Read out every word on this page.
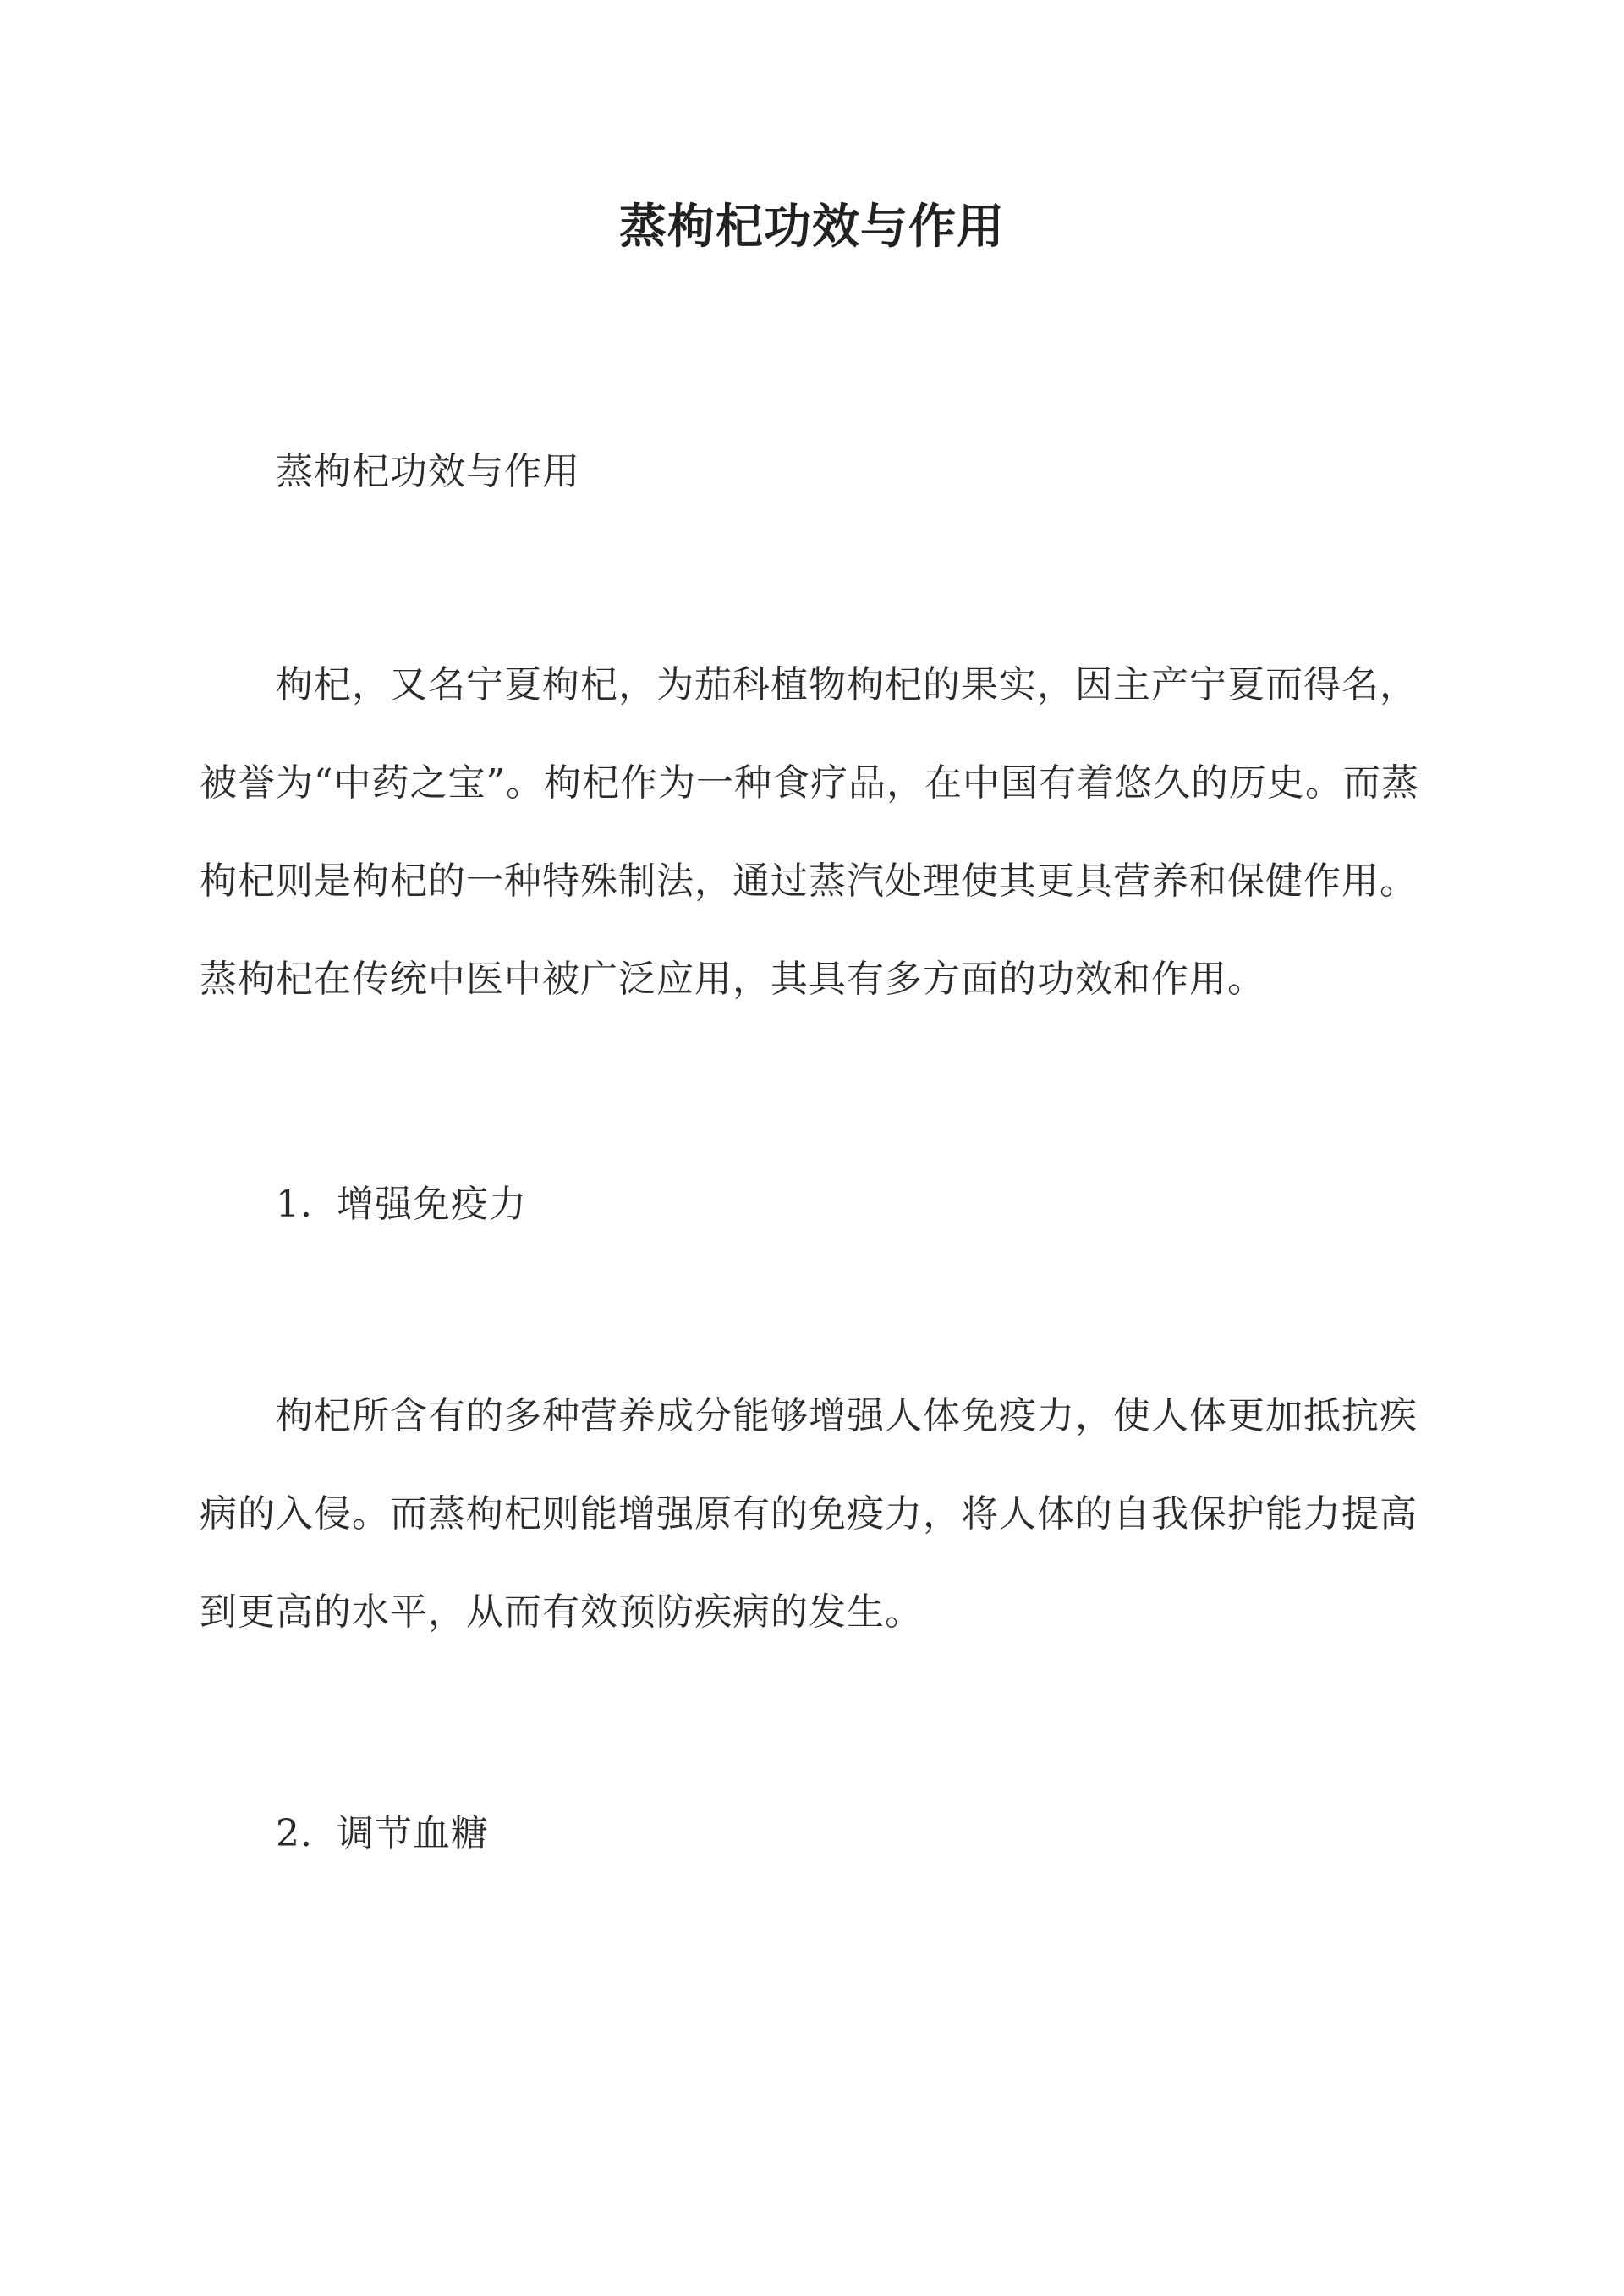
蒸枸杞功效与作用
蒸枸杞功效与作用
枸杞，又名宁夏枸杞，为茄科植物枸杞的果实，因主产宁夏而得名，被誉为“中药之宝”。枸杞作为一种食疗品，在中国有着悠久的历史。而蒸枸杞则是枸杞的一种特殊制法，通过蒸汽处理使其更具营养和保健作用。蒸枸杞在传统中医中被广泛应用，其具有多方面的功效和作用。
1. 增强免疫力
枸杞所含有的多种营养成分能够增强人体免疫力，使人体更加抵抗疾病的入侵。而蒸枸杞则能增强原有的免疫力，将人体的自我保护能力提高到更高的水平，从而有效预防疾病的发生。
2. 调节血糖
